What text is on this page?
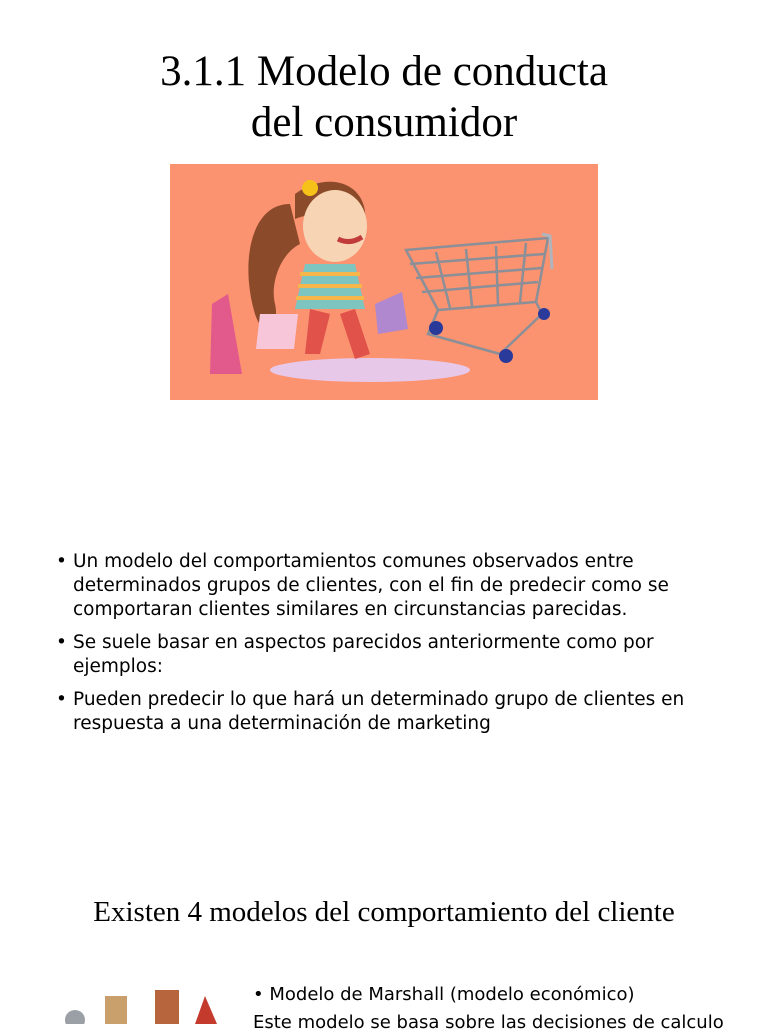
3.1.1 Modelo de conducta
del consumidor
• Un modelo del comportamientos comunes observados entre determinados grupos de clientes, con el fin de predecir como se comportaran clientes similares en circunstancias parecidas.
• Se suele basar en aspectos parecidos anteriormente como por ejemplos:
• Pueden predecir lo que hará un determinado grupo de clientes en respuesta a una determinación de marketing
Existen 4 modelos del comportamiento del cliente
• Modelo de Marshall (modelo económico)
Este modelo se basa sobre las decisiones de calculo
